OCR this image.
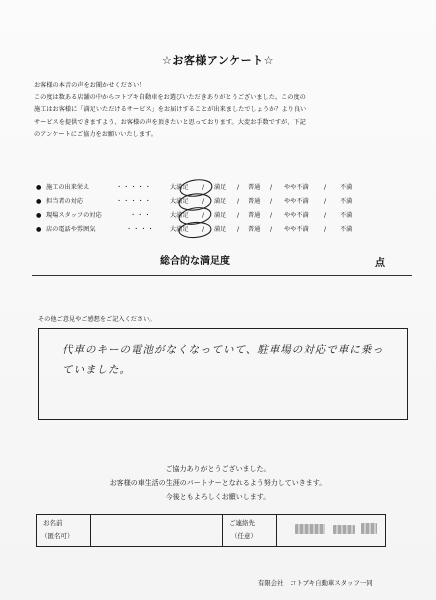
☆お客様アンケート☆
お客様の本音の声をお聞かせください！
この度は数ある店舗の中からコトブキ自動車をお選びいただきありがとうございました。この度の
施工はお客様に「満足いただけるサービス」をお届けすることが出来ましたでしょうか？より良い
サービスを提供できますよう、お客様の声を頂きたいと思っております。大変お手数ですが、下記
のアンケートにご協力をお願いいたします。
● 施工の出来栄え	・・・・・	大満足 / 満足 / 普通 / やや不満 / 不満
● 担当者の対応	・・・・・	大満足 / 満足 / 普通 / やや不満 / 不満
● 現場スタッフの対応	・・・	大満足 / 満足 / 普通 / やや不満 / 不満
● 店の電話や雰囲気	・・・・ 大満足 / 満足 / 普通 / やや不満 / 不満
総合的な満足度	点
その他ご意見やご感想をご記入ください。
代車のキーの電池がなくなっていて、駐車場の対応で車に乗っていました。
ご協力ありがとうございました。
お客様の車生活の生涯のパートナーとなれるよう努力していきます。
今後ともよろしくお願いします。
お名前
（匿名可）
ご連絡先
（任意）
有限会社　コトブキ自動車スタッフ一同
